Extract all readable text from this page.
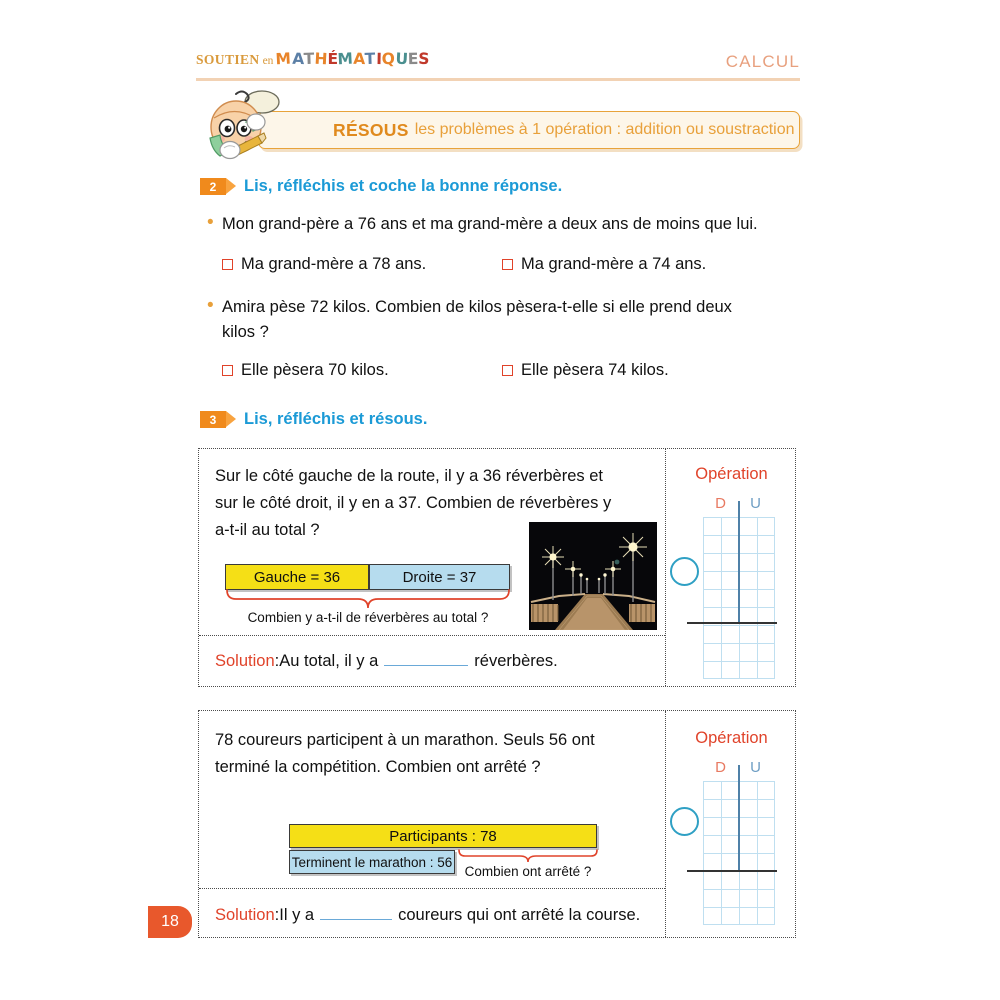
SOUTIEN en MATHÉMATIQUES	CALCUL
RÉSOUS les problèmes à 1 opération : addition ou soustraction
2	Lis, réfléchis et coche la bonne réponse.
• Mon grand-père a 76 ans et ma grand-mère a deux ans de moins que lui.
Ma grand-mère a 78 ans.	Ma grand-mère a 74 ans.
• Amira pèse 72 kilos. Combien de kilos pèsera-t-elle si elle prend deux
kilos ?
Elle pèsera 70 kilos.	Elle pèsera 74 kilos.
3	Lis, réfléchis et résous.
Sur le côté gauche de la route, il y a 36 réverbères et
sur le côté droit, il y en a 37. Combien de réverbères y
a-t-il au total ?
Gauche = 36	Droite = 37
Combien y a-t-il de réverbères au total ?
Solution : Au total, il y a	réverbères.
Opération
D	U
78 coureurs participent à un marathon. Seuls 56 ont
terminé la compétition. Combien ont arrêté ?
Participants : 78
Terminent le marathon : 56
Combien ont arrêté ?
Solution : Il y a	coureurs qui ont arrêté la course.
Opération
D	U
18
